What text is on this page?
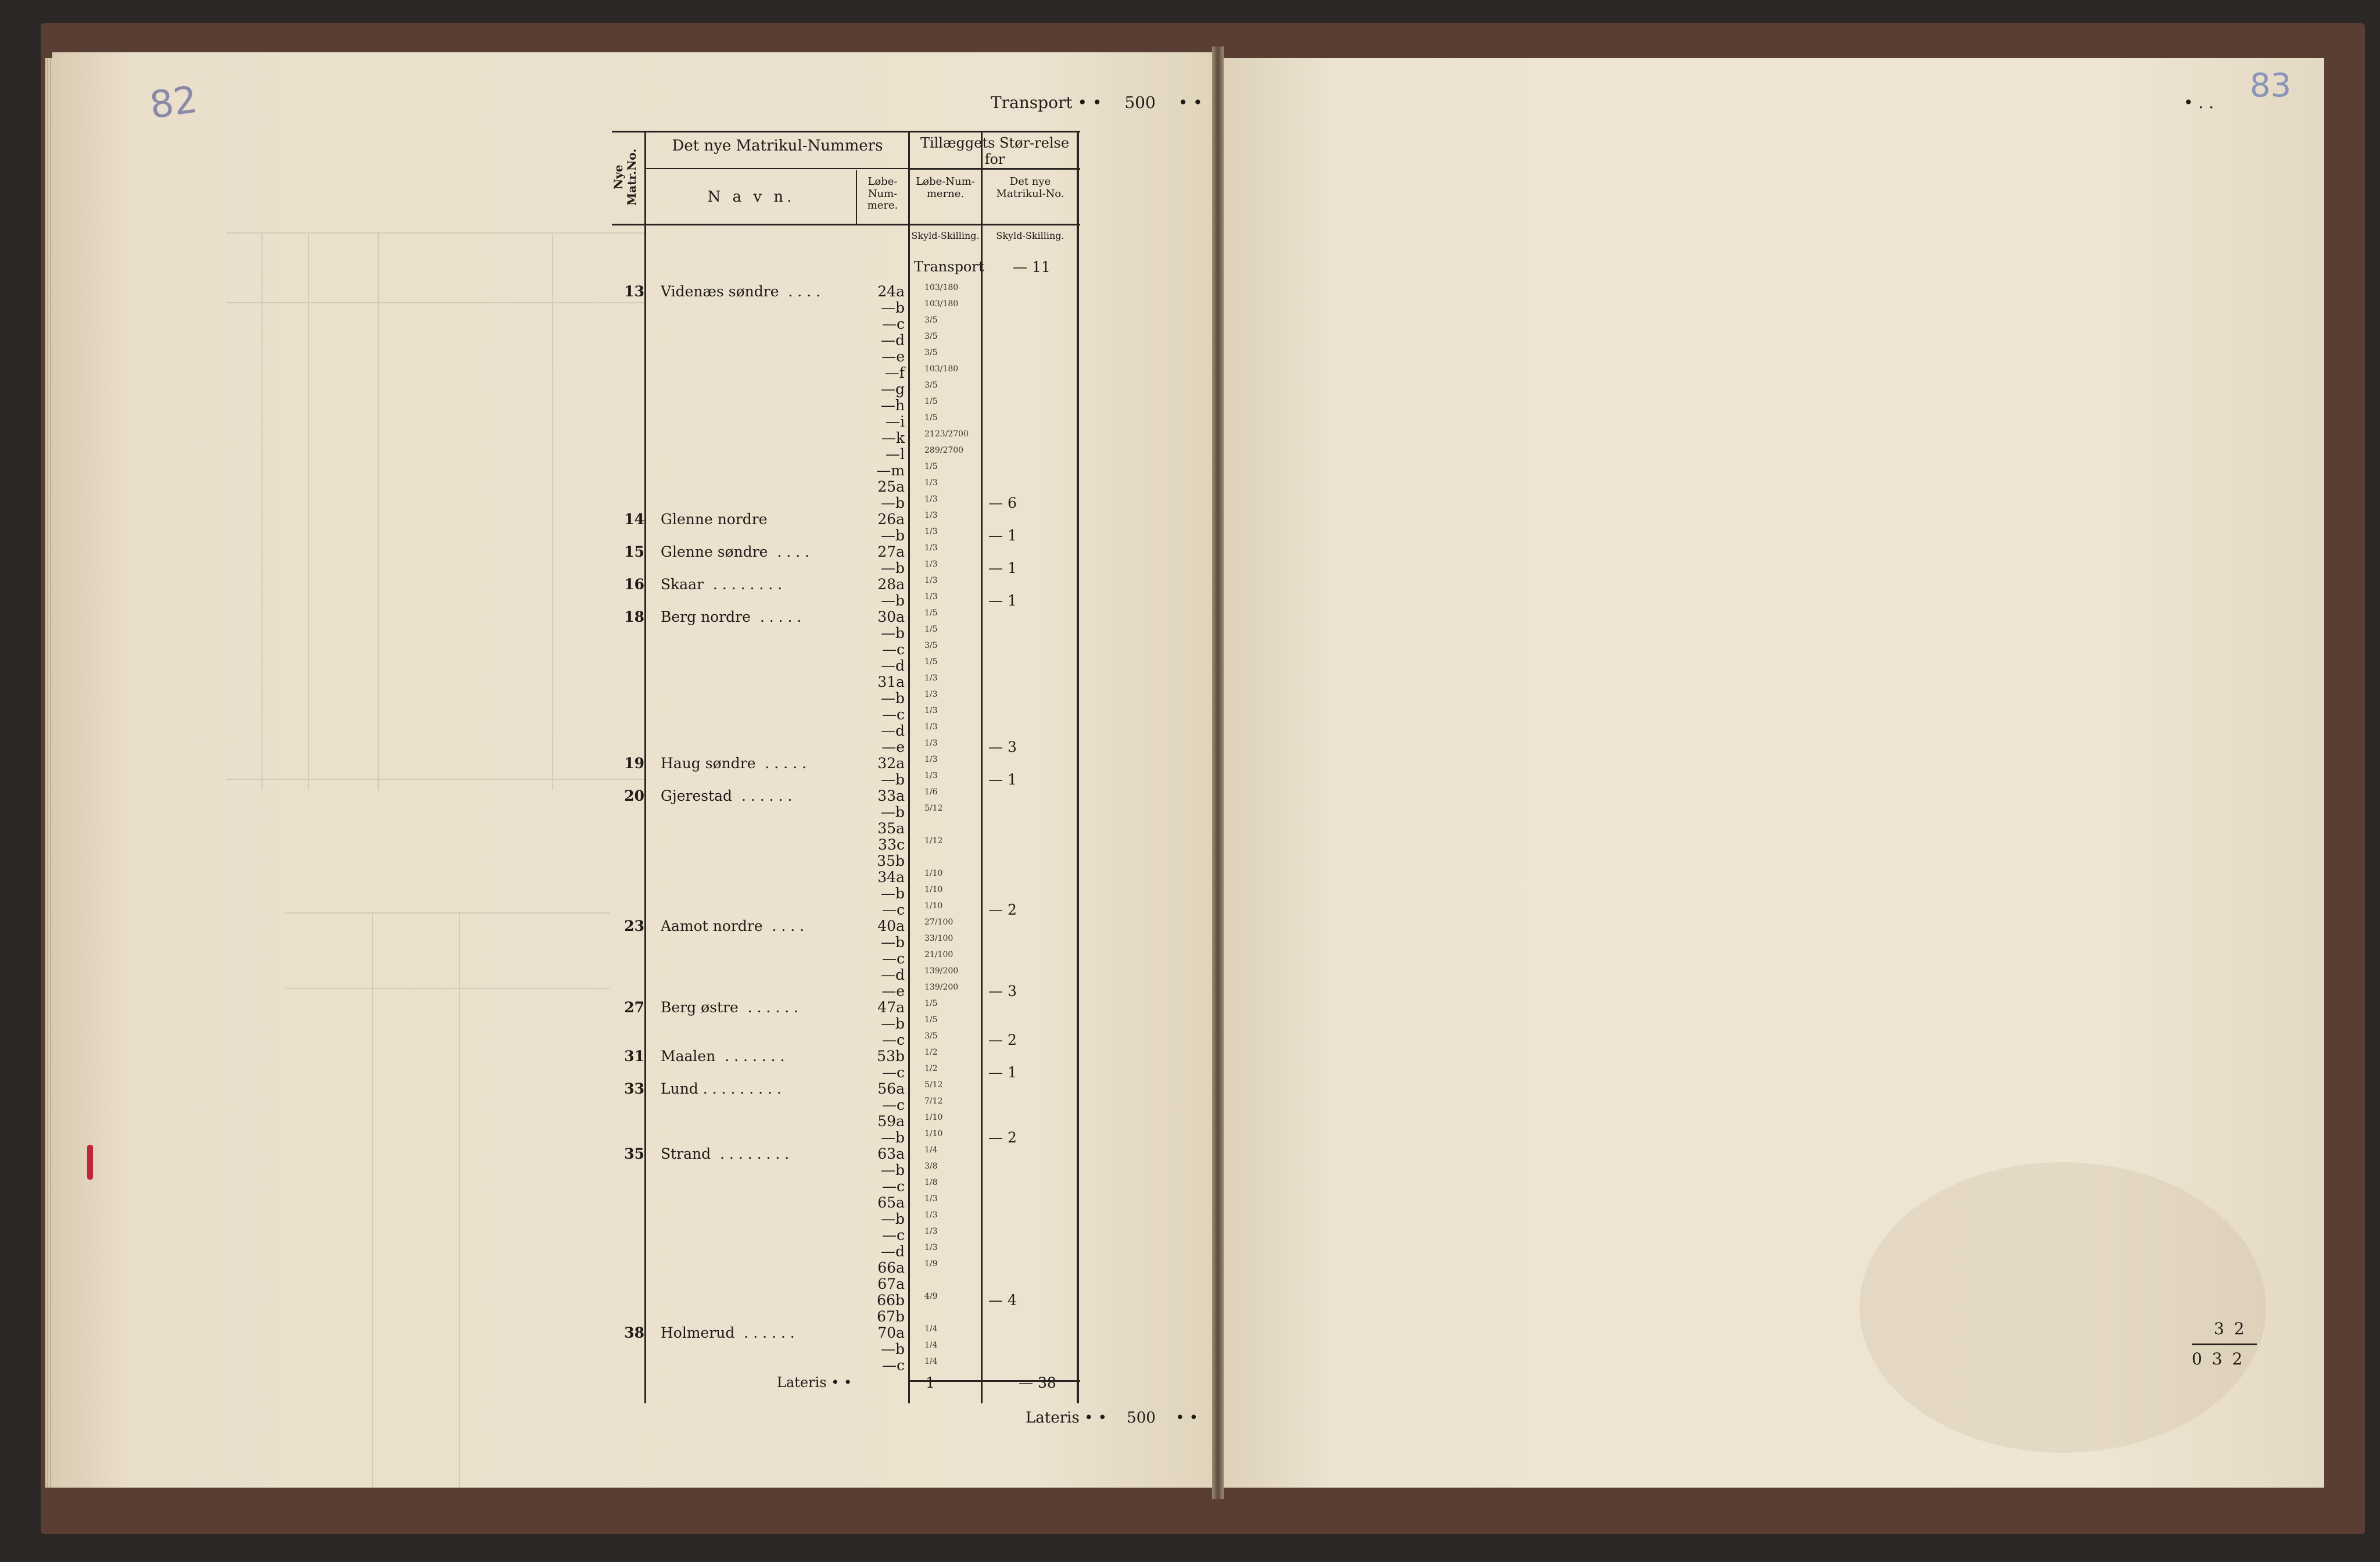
82	Transport • • 500 • •
Nye Matr.No.
Det nye Matrikul-Nummers
N a v n.
Løbe-Num-mere.
Tillæggets Stør-relse for
Løbe-Num-merne.
Det nye Matrikul-No.
Skyld-Skilling.	Skyld-Skilling.
Transport — 11
13 Videnæs søndre  . . . .	24a 103/180
—b 103/180
—c 3/5
—d 3/5
—e 3/5
—f 103/180
—g 3/5
—h 1/5
—i 1/5
—k 2123/2700
—l 289/2700
—m 1/5
25a 1/3
—b 1/3	— 6
14 Glenne nordre	26a 1/3
—b 1/3	— 1
15 Glenne søndre  . . . .	27a 1/3
—b 1/3	— 1
16 Skaar  . . . . . . . .	28a 1/3
—b 1/3	— 1
18 Berg nordre  . . . . .	30a 1/5
—b 1/5
—c 3/5
—d 1/5
31a 1/3
—b 1/3
—c 1/3
—d 1/3
—e 1/3	— 3
19 Haug søndre  . . . . .	32a 1/3
—b 1/3	— 1
20 Gjerestad  . . . . . .	33a 1/6
—b 5/12
35a
33c 1/12
35b
34a 1/10
—b 1/10
—c 1/10	— 2
23 Aamot nordre  . . . .	40a 27/100
—b 33/100
—c 21/100
—d 139/200
—e 139/200 — 3
27 Berg østre  . . . . . .	47a 1/5
—b 1/5
—c 3/5	— 2
31 Maalen  . . . . . . .	53b 1/2
—c 1/2	— 1
33 Lund . . . . . . . . .	56a 5/12
—c 7/12
59a 1/10
—b 1/10	— 2
35 Strand  . . . . . . . .	63a 1/4
—b 3/8
—c 1/8
65a 1/3
—b 1/3
—c 1/3
—d 1/3
66a 1/9
67a
66b 4/9	— 4
67b
38 Holmerud  . . . . . .	70a 1/4
—b 1/4
—c 1/4
Lateris • •	1	— 38
Lateris • • 500 • •
• . . 83
3 2
0 3 2
